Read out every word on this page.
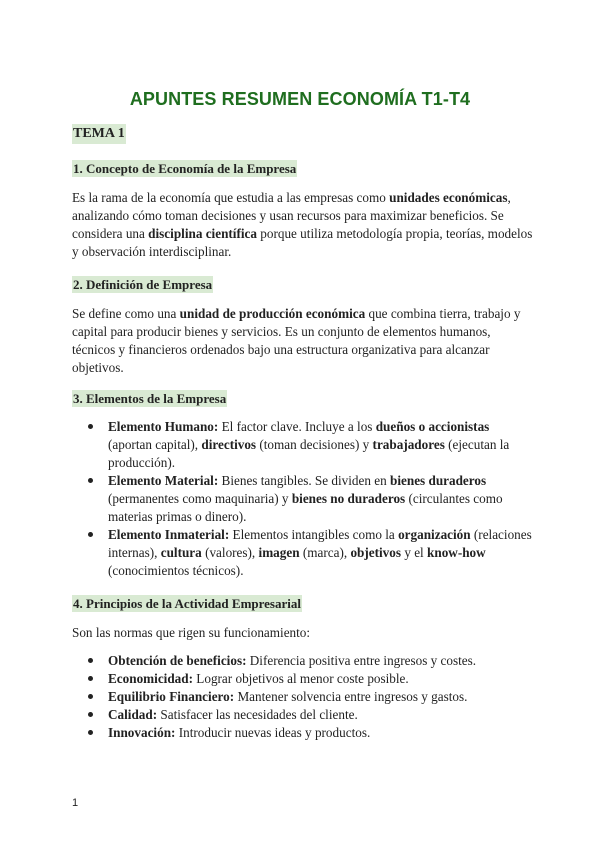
APUNTES RESUMEN ECONOMÍA T1-T4
TEMA 1
1. Concepto de Economía de la Empresa

Es la rama de la economía que estudia a las empresas como unidades económicas, analizando cómo toman decisiones y usan recursos para maximizar beneficios. Se considera una disciplina científica porque utiliza metodología propia, teorías, modelos y observación interdisciplinar.

2. Definición de Empresa

Se define como una unidad de producción económica que combina tierra, trabajo y capital para producir bienes y servicios. Es un conjunto de elementos humanos, técnicos y financieros ordenados bajo una estructura organizativa para alcanzar objetivos.

3. Elementos de la Empresa
Elemento Humano: El factor clave. Incluye a los dueños o accionistas (aportan capital), directivos (toman decisiones) y trabajadores (ejecutan la producción).
Elemento Material: Bienes tangibles. Se dividen en bienes duraderos (permanentes como maquinaria) y bienes no duraderos (circulantes como materias primas o dinero).
Elemento Inmaterial: Elementos intangibles como la organización (relaciones internas), cultura (valores), imagen (marca), objetivos y el know-how (conocimientos técnicos).
4. Principios de la Actividad Empresarial

Son las normas que rigen su funcionamiento:

Obtención de beneficios: Diferencia positiva entre ingresos y costes.
Economicidad: Lograr objetivos al menor coste posible.
Equilibrio Financiero: Mantener solvencia entre ingresos y gastos.
Calidad: Satisfacer las necesidades del cliente.
Innovación: Introducir nuevas ideas y productos.
1
